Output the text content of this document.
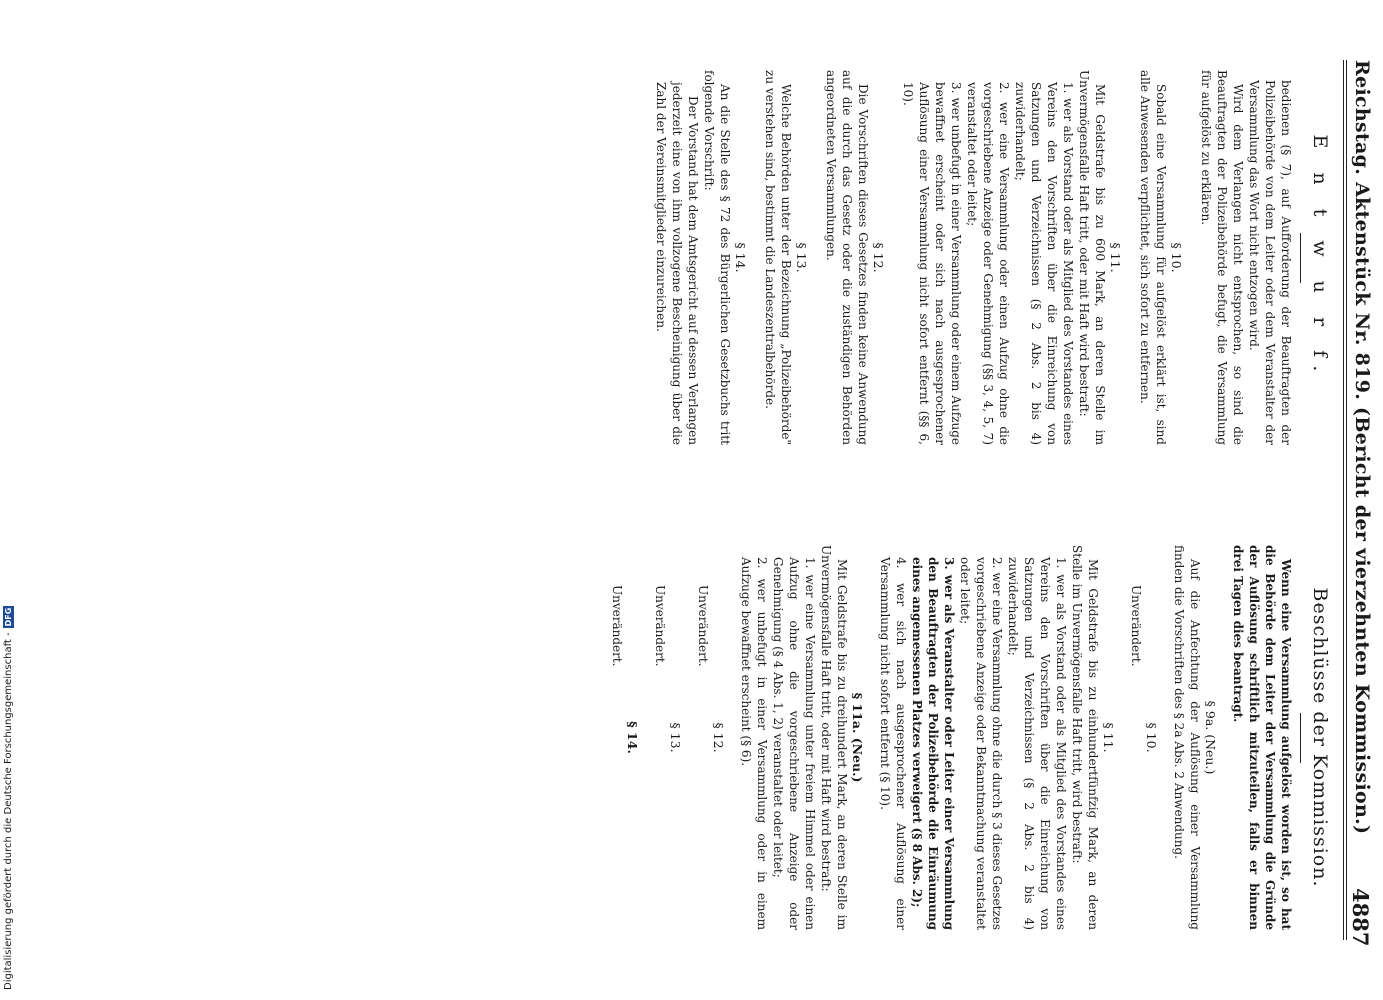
Reichstag. Aktenstück Nr. 819. (Bericht der vierzehnten Kommission.)
4887
E n t w u r f.
bedienen (§ 7), auf Aufforderung der Beauftragten der Polizeibehörde von dem Leiter oder dem Veranstalter der Versammlung das Wort nicht entzogen wird.
Wird dem Verlangen nicht entsprochen, so sind die Beauftragten der Polizeibehörde befugt, die Versammlung für aufgelöst zu erklären.
§ 10.
Sobald eine Versammlung für aufgelöst erklärt ist, sind alle Anwesenden verpflichtet, sich sofort zu entfernen.
§ 11.
Mit Geldstrafe bis zu 600 Mark, an deren Stelle im Unvermögensfalle Haft tritt, oder mit Haft wird bestraft:
1. wer als Vorstand oder als Mitglied des Vorstandes eines Vereins den Vorschriften über die Einreichung von Satzungen und Verzeichnissen (§ 2 Abs. 2 bis 4) zuwiderhandelt;
2. wer eine Versammlung oder einen Aufzug ohne die vorgeschriebene Anzeige oder Genehmigung (§§ 3, 4, 5, 7) veranstaltet oder leitet;
3. wer unbefugt in einer Versammlung oder einem Aufzuge bewaffnet erscheint oder sich nach ausgesprochener Auflösung einer Versammlung nicht sofort entfernt (§§ 6, 10).
§ 12.
Die Vorschriften dieses Gesetzes finden keine Anwendung auf die durch das Gesetz oder die zuständigen Behörden angeordneten Versammlungen.
§ 13.
Welche Behörden unter der Bezeichnung „Polizeibehörde" zu verstehen sind, bestimmt die Landeszentralbehörde.
§ 14.
An die Stelle des § 72 des Bürgerlichen Gesetzbuchs tritt folgende Vorschrift:
Der Vorstand hat dem Amtsgericht auf dessen Verlangen jederzeit eine von ihm vollzogene Bescheinigung über die Zahl der Vereinsmitglieder einzureichen.
Beschlüsse der Kommission.
Wenn eine Versammlung aufgelöst worden ist, so hat die Behörde dem Leiter der Versammlung die Gründe der Auflösung schriftlich mitzuteilen, falls er binnen drei Tagen dies beantragt.
§ 9a. (Neu.)
Auf die Anfechtung der Auflösung einer Versammlung finden die Vorschriften des § 2a Abs. 2 Anwendung.
§ 10.
Unverändert.
§ 11.
Mit Geldstrafe bis zu einhundertfünfzig Mark, an deren Stelle im Unvermögensfalle Haft tritt, wird bestraft:
1. wer als Vorstand oder als Mitglied des Vorstandes eines Vereins den Vorschriften über die Einreichung von Satzungen und Verzeichnissen (§ 2 Abs. 2 bis 4) zuwiderhandelt;
2. wer eine Versammlung ohne die durch § 3 dieses Gesetzes vorgeschriebene Anzeige oder Bekanntmachung veranstaltet oder leitet;
3. wer als Veranstalter oder Leiter einer Versammlung den Beauftragten der Polizeibehörde die Einräumung eines angemessenen Platzes verweigert (§ 8 Abs. 2);
4. wer sich nach ausgesprochener Auflösung einer Versammlung nicht sofort entfernt (§ 10).
§ 11a. (Neu.)
Mit Geldstrafe bis zu dreihundert Mark, an deren Stelle im Unvermögensfalle Haft tritt, oder mit Haft wird bestraft:
1. wer eine Versammlung unter freiem Himmel oder einen Aufzug ohne die vorgeschriebene Anzeige oder Genehmigung (§ 4 Abs. 1, 2) veranstaltet oder leitet;
2. wer unbefugt in einer Versammlung oder in einem Aufzuge bewaffnet erscheint (§ 6).
§ 12.
Unverändert.
§ 13.
Unverändert.
§ 14.
Unverändert.
Digitalisierung gefördert durch die Deutsche Forschungsgemeinschaft -DFG
